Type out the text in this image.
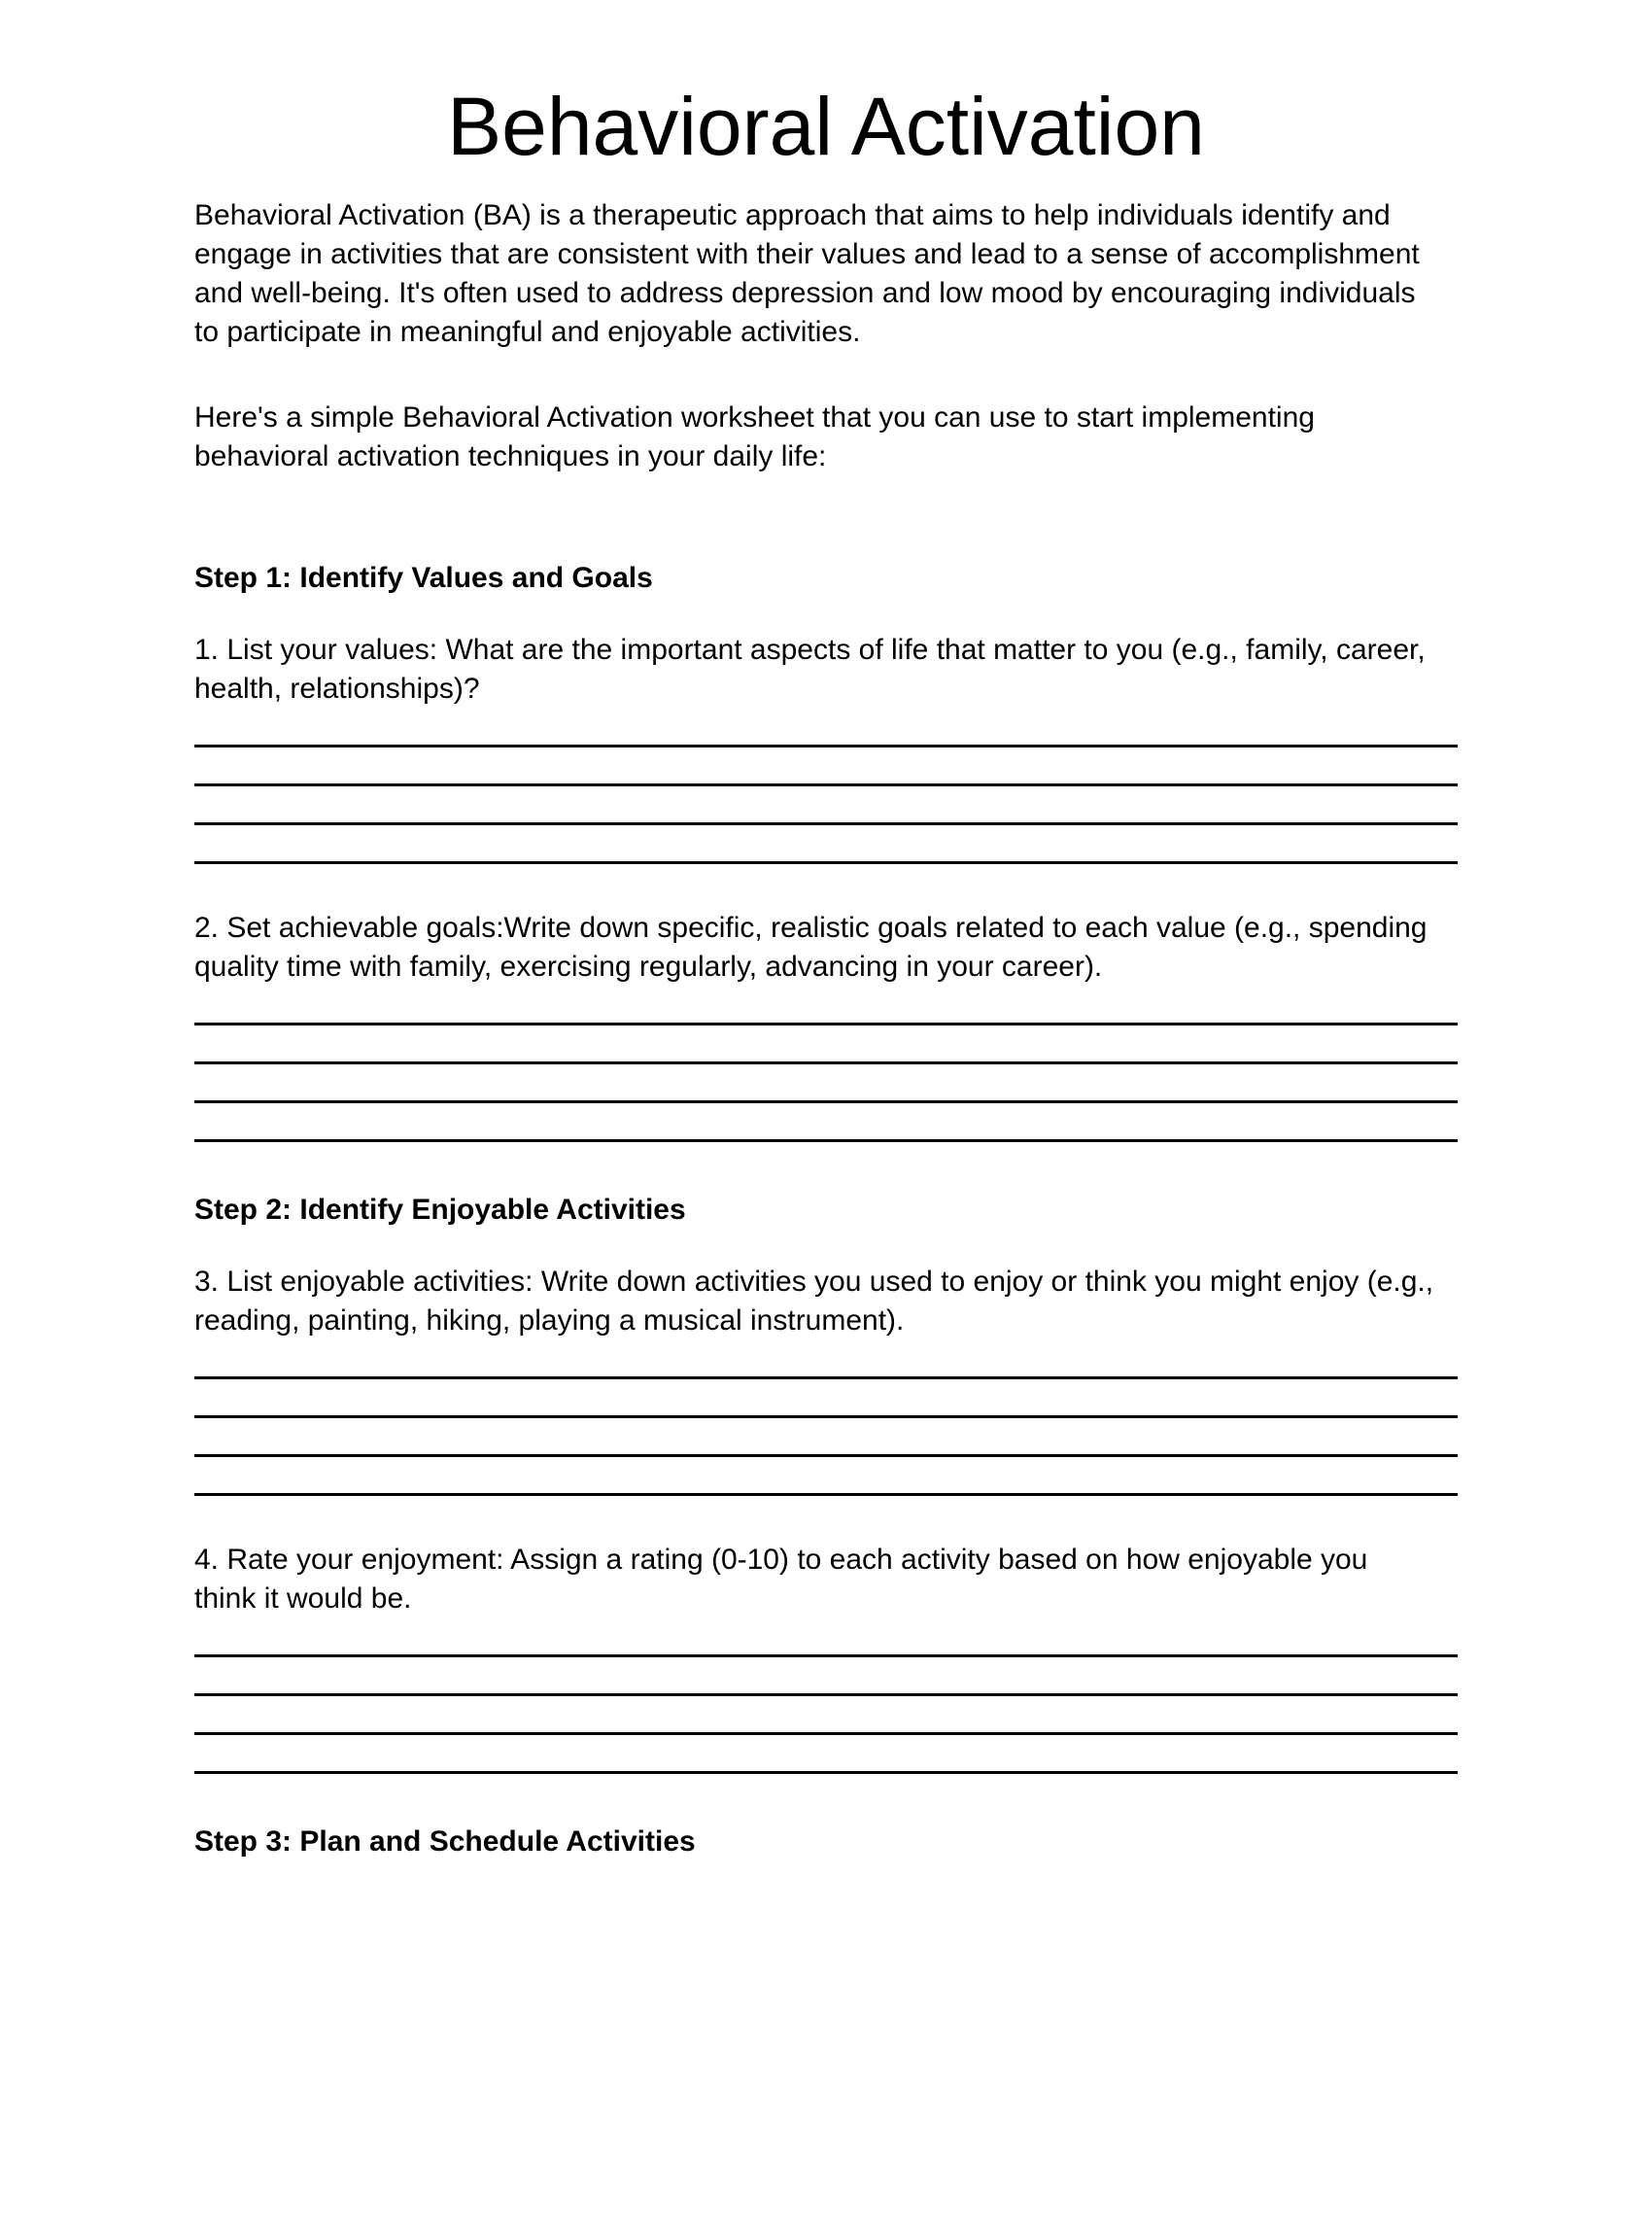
Behavioral Activation

Behavioral Activation (BA) is a therapeutic approach that aims to help individuals identify and
engage in activities that are consistent with their values and lead to a sense of accomplishment
and well-being. It's often used to address depression and low mood by encouraging individuals
to participate in meaningful and enjoyable activities.

Here's a simple Behavioral Activation worksheet that you can use to start implementing
behavioral activation techniques in your daily life:

Step 1: Identify Values and Goals

1. List your values: What are the important aspects of life that matter to you (e.g., family, career,
health, relationships)?

2. Set achievable goals:Write down specific, realistic goals related to each value (e.g., spending
quality time with family, exercising regularly, advancing in your career).

Step 2: Identify Enjoyable Activities

3. List enjoyable activities: Write down activities you used to enjoy or think you might enjoy (e.g.,
reading, painting, hiking, playing a musical instrument).

4. Rate your enjoyment: Assign a rating (0-10) to each activity based on how enjoyable you
think it would be.

Step 3: Plan and Schedule Activities
